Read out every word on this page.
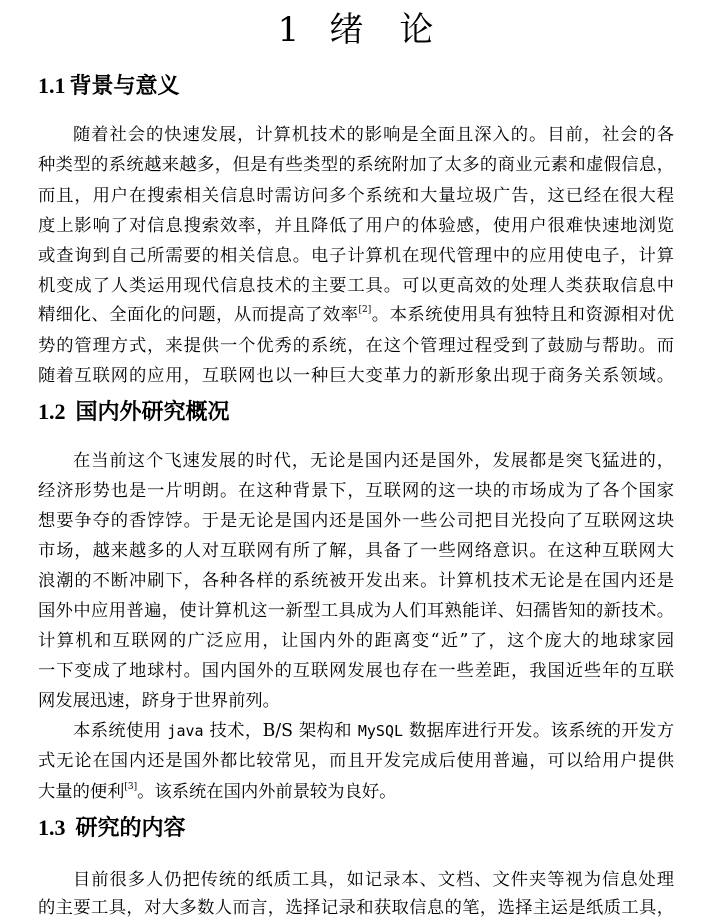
1 绪 论
1.1 背景与意义
随着社会的快速发展，计算机技术的影响是全面且深入的。目前，社会的各
种类型的系统越来越多，但是有些类型的系统附加了太多的商业元素和虚假信息，
而且，用户在搜索相关信息时需访问多个系统和大量垃圾广告，这已经在很大程
度上影响了对信息搜索效率，并且降低了用户的体验感，使用户很难快速地浏览
或查询到自己所需要的相关信息。电子计算机在现代管理中的应用使电子，计算
机变成了人类运用现代信息技术的主要工具。可以更高效的处理人类获取信息中
精细化、全面化的问题，从而提高了效率[2]。本系统使用具有独特且和资源相对优
势的管理方式，来提供一个优秀的系统，在这个管理过程受到了鼓励与帮助。而
随着互联网的应用，互联网也以一种巨大变革力的新形象出现于商务关系领域。
1.2 国内外研究概况
在当前这个飞速发展的时代，无论是国内还是国外，发展都是突飞猛进的，
经济形势也是一片明朗。在这种背景下，互联网的这一块的市场成为了各个国家
想要争夺的香饽饽。于是无论是国内还是国外一些公司把目光投向了互联网这块
市场，越来越多的人对互联网有所了解，具备了一些网络意识。在这种互联网大
浪潮的不断冲刷下，各种各样的系统被开发出来。计算机技术无论是在国内还是
国外中应用普遍，使计算机这一新型工具成为人们耳熟能详、妇孺皆知的新技术。
计算机和互联网的广泛应用，让国内外的距离变“近”了，这个庞大的地球家园
一下变成了地球村。国内国外的互联网发展也存在一些差距，我国近些年的互联
网发展迅速，跻身于世界前列。
本系统使用 java 技术，B/S 架构和 MySQL 数据库进行开发。该系统的开发方
式无论在国内还是国外都比较常见，而且开发完成后使用普遍，可以给用户提供
大量的便利[3]。该系统在国内外前景较为良好。
1.3 研究的内容
目前很多人仍把传统的纸质工具，如记录本、文档、文件夹等视为信息处理
的主要工具，对大多数人而言，选择记录和获取信息的笔，选择主运是纸质工具，
